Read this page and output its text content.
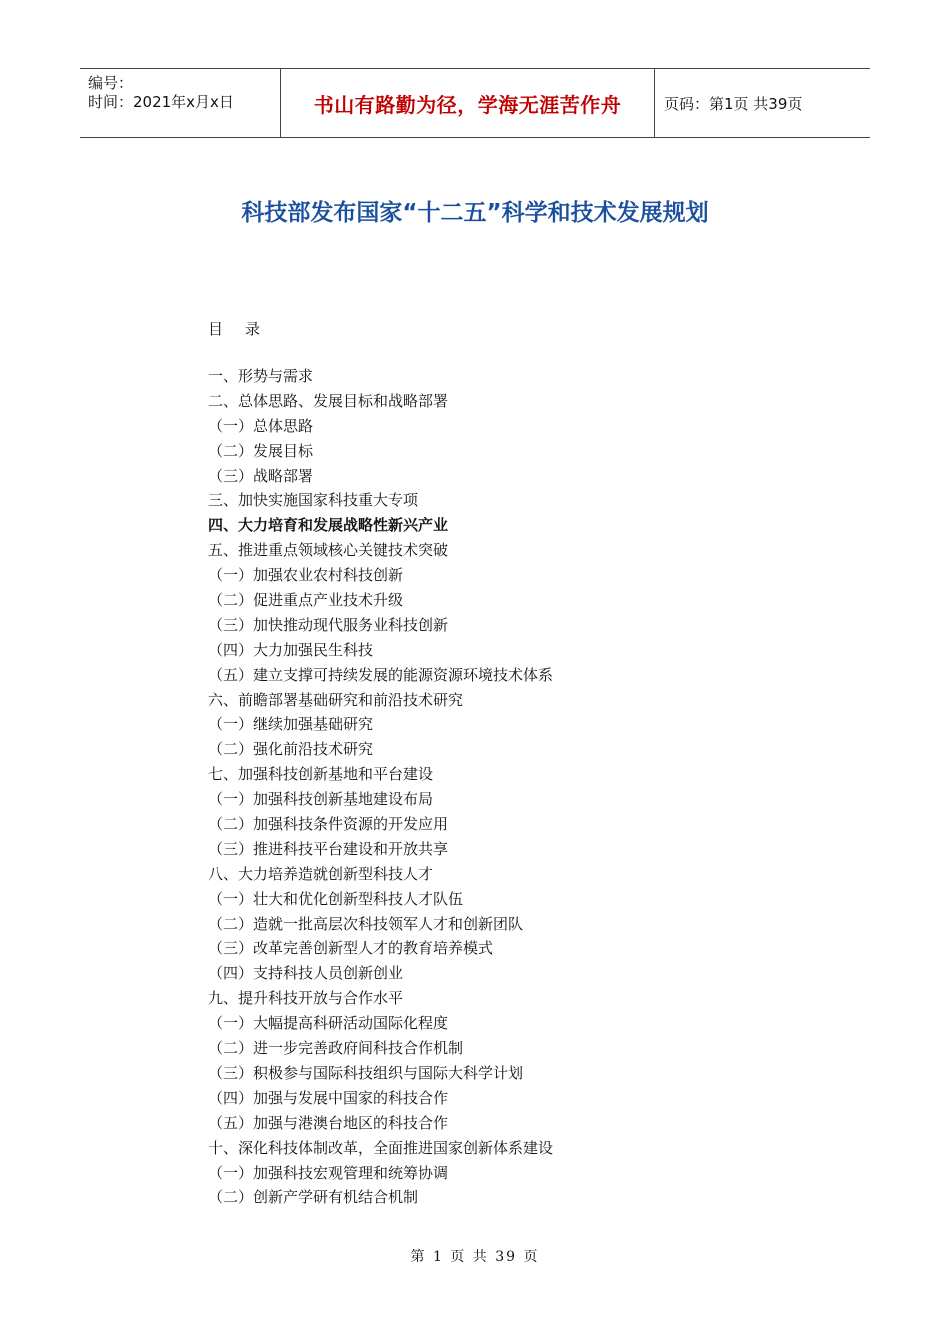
编号：
时间：2021年x月x日	书山有路勤为径，学海无涯苦作舟	页码：第1页 共39页
科技部发布国家“十二五”科学和技术发展规划
目录
一、形势与需求
二、总体思路、发展目标和战略部署
（一）总体思路
（二）发展目标
（三）战略部署
三、加快实施国家科技重大专项
四、大力培育和发展战略性新兴产业
五、推进重点领域核心关键技术突破
（一）加强农业农村科技创新
（二）促进重点产业技术升级
（三）加快推动现代服务业科技创新
（四）大力加强民生科技
（五）建立支撑可持续发展的能源资源环境技术体系
六、前瞻部署基础研究和前沿技术研究
（一）继续加强基础研究
（二）强化前沿技术研究
七、加强科技创新基地和平台建设
（一）加强科技创新基地建设布局
（二）加强科技条件资源的开发应用
（三）推进科技平台建设和开放共享
八、大力培养造就创新型科技人才
（一）壮大和优化创新型科技人才队伍
（二）造就一批高层次科技领军人才和创新团队
（三）改革完善创新型人才的教育培养模式
（四）支持科技人员创新创业
九、提升科技开放与合作水平
（一）大幅提高科研活动国际化程度
（二）进一步完善政府间科技合作机制
（三）积极参与国际科技组织与国际大科学计划
（四）加强与发展中国家的科技合作
（五）加强与港澳台地区的科技合作
十、深化科技体制改革，全面推进国家创新体系建设
（一）加强科技宏观管理和统筹协调
（二）创新产学研有机结合机制
第 1 页 共 39 页
